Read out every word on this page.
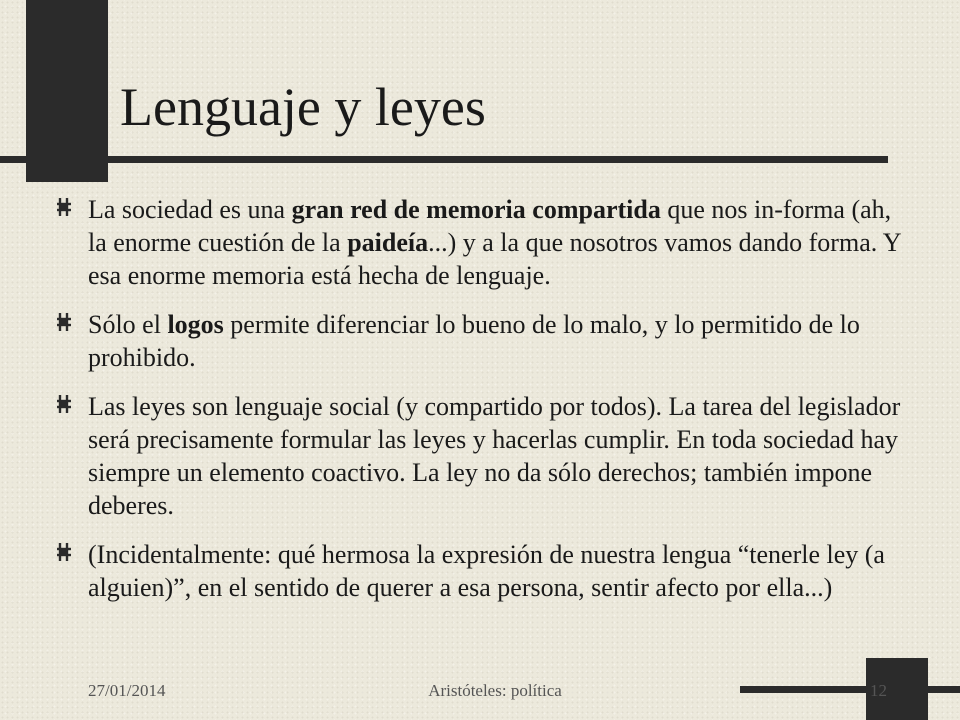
Lenguaje y leyes
La sociedad es una gran red de memoria compartida que nos in-forma (ah, la enorme cuestión de la paideía...) y a la que nosotros vamos dando forma. Y esa enorme memoria está hecha de lenguaje.
Sólo el logos permite diferenciar lo bueno de lo malo, y lo permitido de lo prohibido.
Las leyes son lenguaje social (y compartido por todos). La tarea del legislador será precisamente formular las leyes y hacerlas cumplir. En toda sociedad hay siempre un elemento coactivo. La ley no da sólo derechos; también impone deberes.
(Incidentalmente: qué hermosa la expresión de nuestra lengua “tenerle ley (a alguien)”, en el sentido de querer a esa persona, sentir afecto por ella...)
27/01/2014	Aristóteles: política	12
